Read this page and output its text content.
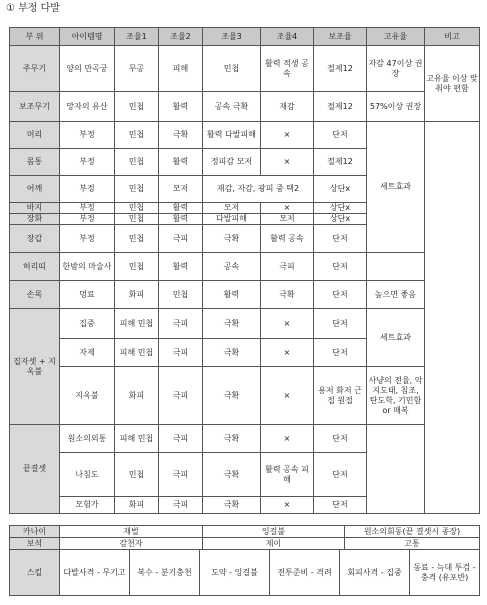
① 부정 다발
부 위	아이템명	조율1	조율2	조율3	조율4	보조율	고유율	비고
주무기	양의 만곡궁	무공	피해	민첩	활력 적생 공속	절제12	자감 47이상 권장	고유율 이상 맞춰야 편함
보조무기	망자의 유산	민첩	활력	공속 극확	재감	절제12	57%이상 권장	
머리	부정	민첩	극확	활력 다발피해	×	단저	세트효과	
몸통	부정	민첩	활력	정피감 모저	×	절제12		
어깨	부정	민첩	모저	재감, 자감, 광피 중 택2		상단x		
바지	부정	민첩	활력	모저	×	상단x		
장화	부정	민첩	활력	다발피해	모저	상단x		
장갑	부정	민첩	극피	극확	활력 공속	단저		
허리띠	한밤의 마술사	민첩	활력	공속	극피	단저		
손목	멍료	화피	민첩	활력	극확	단저	높으면 좋음	
집자셋 + 지옥불	집중	피해 민첩	극피	극확	×	단저	세트효과	
	자제	피해 민첩	극피	극확	×	단저		
	지옥불	화피	극피	극확	×	용저 화저 근접 원접	사냥의 전율, 악지도태, 침조, 탄도학, 기민함 or 매복	
끝결셋	원소의외통	피해 민첩	극피	극확	×	단저		
	나침도	민첩	극피	극확	활력 공속 피해	단저		
	모험가	화피	극피	극확	×	단저		
카나이	재벌	잉걸불	원소의회동(끝 결셋시 종장)
보석	감천자	제이	고통
스킬	다발사격 - 무기고	복수 - 분기충천	도약 - 잉걸불	전투준비 - 격려	회피사격 - 집중	동료 - 늑대 투검 - 충격 (유포반)
